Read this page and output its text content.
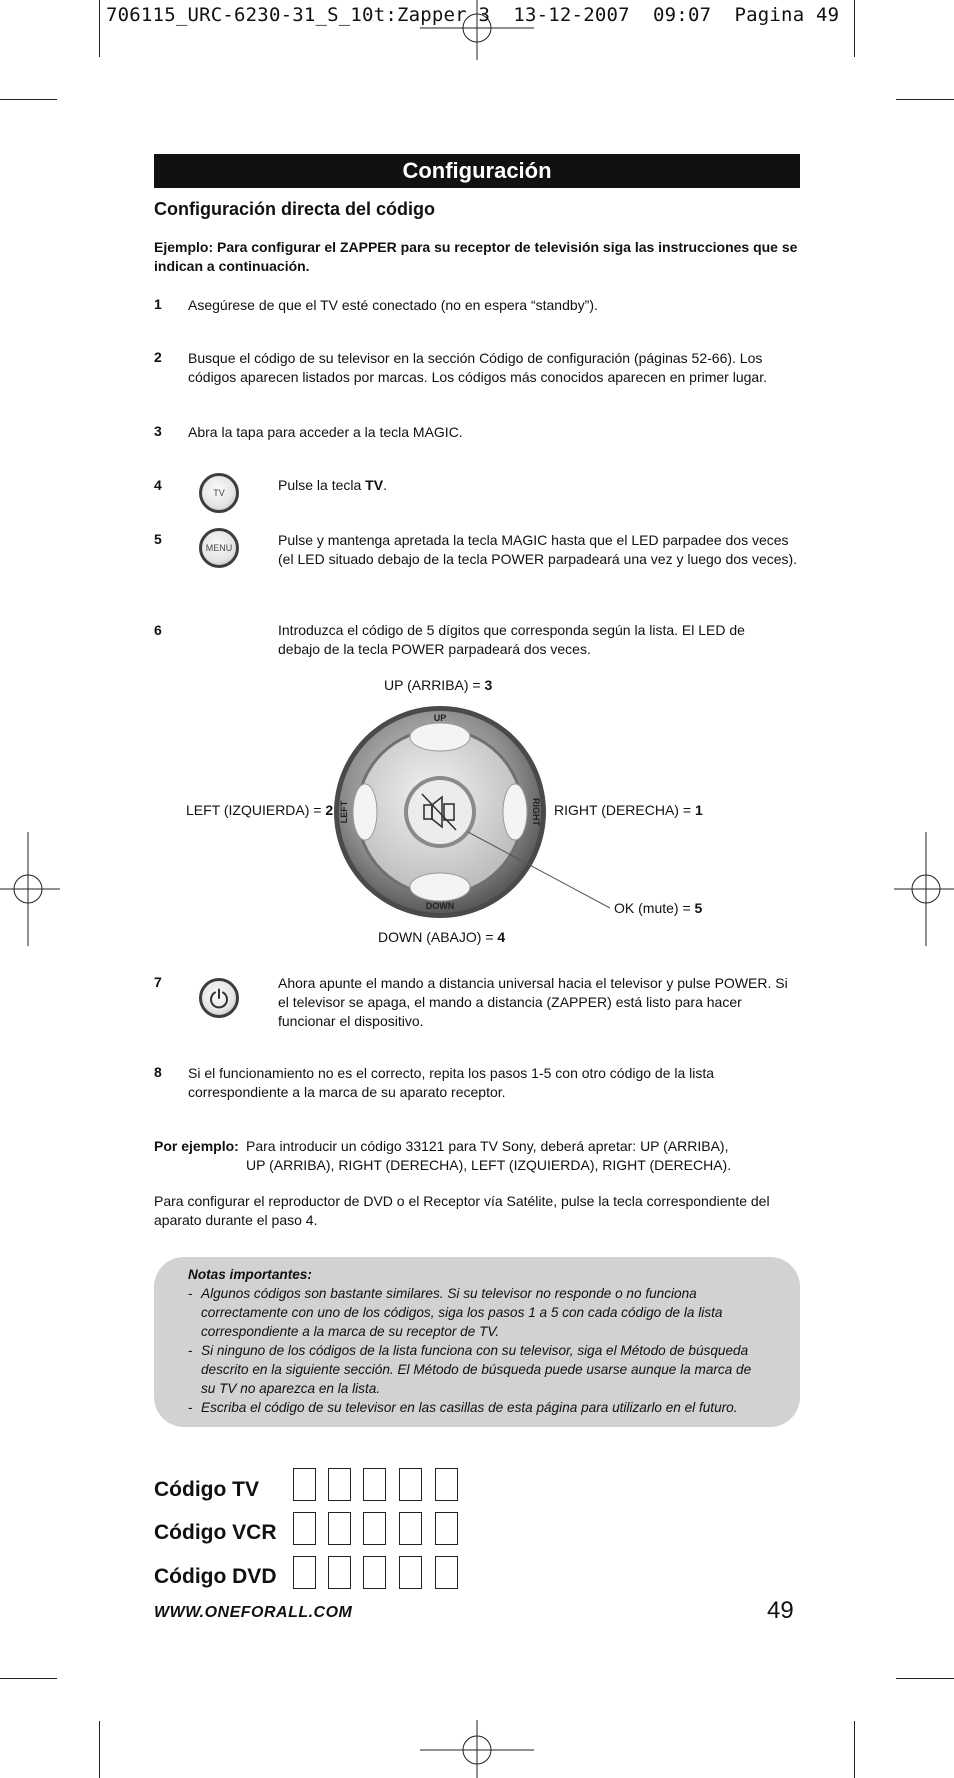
706115_URC-6230-31_S_10t:Zapper 3  13-12-2007  09:07  Pagina 49
Configuración
Configuración directa del código
Ejemplo: Para configurar el ZAPPER para su receptor de televisión siga las instrucciones que se indican a continuación.
1 Asegúrese de que el TV esté conectado (no en espera “standby”).
2 Busque el código de su televisor en la sección Código de configuración (páginas 52-66). Los códigos aparecen listados por marcas. Los códigos más conocidos aparecen en primer lugar.
3 Abra la tapa para acceder a la tecla MAGIC.
4	TV	Pulse la tecla TV.
5
MENU	Pulse y mantenga apretada la tecla MAGIC hasta que el LED parpadee dos veces (el LED situado debajo de la tecla POWER parpadeará una vez y luego dos veces).
6	Introduzca el código de 5 dígitos que corresponda según la lista. El LED de debajo de la tecla POWER parpadeará dos veces.
UP (ARRIBA) = 3
LEFT (IZQUIERDA) = 2	RIGHT (DERECHA) = 1
OK (mute) = 5
DOWN (ABAJO) = 4
UP
DOWN
LEFT	RIGHT
7	Ahora apunte el mando a distancia universal hacia el televisor y pulse POWER. Si el televisor se apaga, el mando a distancia (ZAPPER) está listo para hacer funcionar el dispositivo.
8 Si el funcionamiento no es el correcto, repita los pasos 1-5 con otro código de la lista correspondiente a la marca de su aparato receptor.
Por ejemplo: Para introducir un código 33121 para TV Sony, deberá apretar: UP (ARRIBA),
UP (ARRIBA), RIGHT (DERECHA), LEFT (IZQUIERDA), RIGHT (DERECHA).
Para configurar el reproductor de DVD o el Receptor vía Satélite, pulse la tecla correspondiente del aparato durante el paso 4.
Notas importantes:
- Algunos códigos son bastante similares. Si su televisor no responde o no funciona correctamente con uno de los códigos, siga los pasos 1 a 5 con cada código de la lista correspondiente a la marca de su receptor de TV.
- Si ninguno de los códigos de la lista funciona con su televisor, siga el Método de búsqueda descrito en la siguiente sección. El Método de búsqueda puede usarse aunque la marca de su TV no aparezca en la lista.
- Escriba el código de su televisor en las casillas de esta página para utilizarlo en el futuro.
Código TV
Código VCR
Código DVD
WWW.ONEFORALL.COM	49
